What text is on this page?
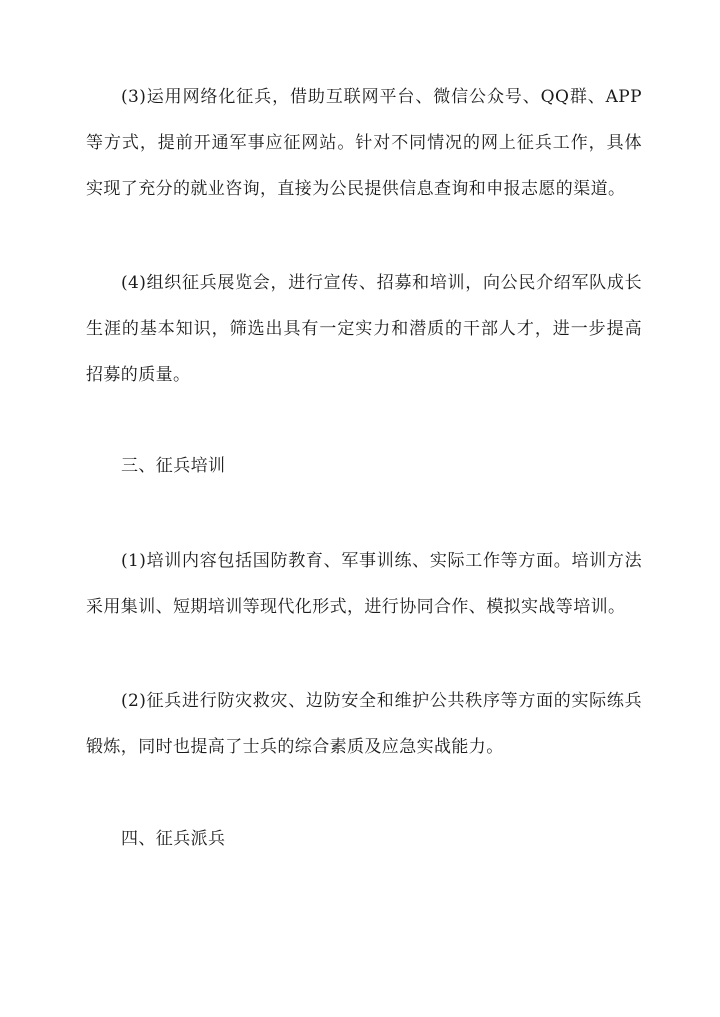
(3)运用网络化征兵，借助互联网平台、微信公众号、QQ群、APP等方式，提前开通军事应征网站。针对不同情况的网上征兵工作，具体实现了充分的就业咨询，直接为公民提供信息查询和申报志愿的渠道。

(4)组织征兵展览会，进行宣传、招募和培训，向公民介绍军队成长生涯的基本知识，筛选出具有一定实力和潜质的干部人才，进一步提高招募的质量。

三、征兵培训

(1)培训内容包括国防教育、军事训练、实际工作等方面。培训方法采用集训、短期培训等现代化形式，进行协同合作、模拟实战等培训。

(2)征兵进行防灾救灾、边防安全和维护公共秩序等方面的实际练兵锻炼，同时也提高了士兵的综合素质及应急实战能力。

四、征兵派兵
